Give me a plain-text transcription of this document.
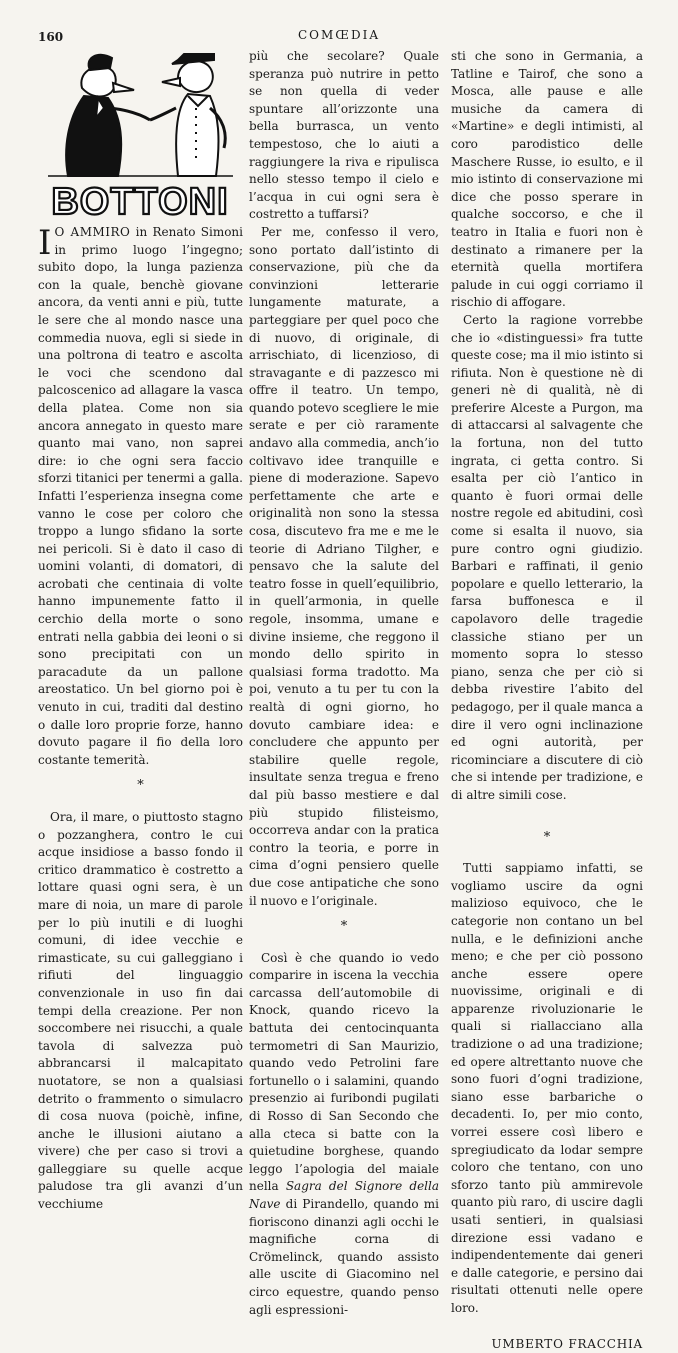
160	COMŒDIA
BOTTONI

I O AMMIRO in Renato Simoni in primo luogo l’ingegno; subito dopo, la lunga pazienza con la quale, benchè giovane ancora, da venti anni e più, tutte le sere che al mondo nasce una commedia nuova, egli si siede in una poltrona di teatro e ascolta le voci che scendono dal palcoscenico ad allagare la vasca della platea. Come non sia ancora annegato in questo mare quanto mai vano, non saprei dire: io che ogni sera faccio sforzi titanici per tenermi a galla. Infatti l’esperienza insegna come vanno le cose per coloro che troppo a lungo sfidano la sorte nei pericoli. Si è dato il caso di uomini volanti, di domatori, di acrobati che centinaia di volte hanno impunemente fatto il cerchio della morte o sono entrati nella gabbia dei leoni o si sono precipitati con un paracadute da un pallone areostatico. Un bel giorno poi è venuto in cui, traditi dal destino o dalle loro proprie forze, hanno dovuto pagare il fio della loro costante temerità.

*

Ora, il mare, o piuttosto stagno o pozzanghera, contro le cui acque insidiose a basso fondo il critico drammatico è costretto a lottare quasi ogni sera, è un mare di noia, un mare di parole per lo più inutili e di luoghi comuni, di idee vecchie e rimasticate, su cui galleggiano i rifiuti del linguaggio convenzionale in uso fin dai tempi della creazione. Per non soccombere nei risucchi, a quale tavola di salvezza può abbrancarsi il malcapitato nuotatore, se non a qualsiasi detrito o frammento o simulacro di cosa nuova (poichè, infine, anche le illusioni aiutano a vivere) che per caso si trovi a galleggiare su quelle acque paludose tra gli avanzi d’un vecchiume

più che secolare? Quale speranza può nutrire in petto se non quella di veder spuntare all’orizzonte una bella burrasca, un vento tempestoso, che lo aiuti a raggiungere la riva e ripulisca nello stesso tempo il cielo e l’acqua in cui ogni sera è costretto a tuffarsi?

Per me, confesso il vero, sono portato dall’istinto di conservazione, più che da convinzioni letterarie lungamente maturate, a parteggiare per quel poco che di nuovo, di originale, di arrischiato, di licenzioso, di stravagante e di pazzesco mi offre il teatro. Un tempo, quando potevo scegliere le mie serate e per ciò raramente andavo alla commedia, anch’io coltivavo idee tranquille e piene di moderazione. Sapevo perfettamente che arte e originalità non sono la stessa cosa, discutevo fra me e me le teorie di Adriano Tilgher, e pensavo che la salute del teatro fosse in quell’equilibrio, in quell’armonia, in quelle regole, insomma, umane e divine insieme, che reggono il mondo dello spirito in qualsiasi forma tradotto. Ma poi, venuto a tu per tu con la realtà di ogni giorno, ho dovuto cambiare idea: e concludere che appunto per stabilire quelle regole, insultate senza tregua e freno dal più basso mestiere e dal più stupido filisteismo, occorreva andar con la pratica contro la teoria, e porre in cima d’ogni pensiero quelle due cose antipatiche che sono il nuovo e l’originale.

*

Così è che quando io vedo comparire in iscena la vecchia carcassa dell’automobile di Knock, quando ricevo la battuta dei centocinquanta termometri di San Maurizio, quando vedo Petrolini fare fortunello o i salamini, quando presenzio ai furibondi pugilati di Rosso di San Secondo che alla cteca si batte con la quietudine borghese, quando leggo l’apologia del maiale nella Sagra del Signore della Nave di Pirandello, quando mi fioriscono dinanzi agli occhi le magnifiche corna di Crömelinck, quando assisto alle uscite di Giacomino nel circo equestre, quando penso agli espressioni-

sti che sono in Germania, a Tatline e Tairof, che sono a Mosca, alle pause e alle musiche da camera di «Martine» e degli intimisti, al coro parodistico delle Maschere Russe, io esulto, e il mio istinto di conservazione mi dice che posso sperare in qualche soccorso, e che il teatro in Italia e fuori non è destinato a rimanere per la eternità quella mortifera palude in cui oggi corriamo il rischio di affogare.

Certo la ragione vorrebbe che io «distinguessi» fra tutte queste cose; ma il mio istinto si rifiuta. Non è questione nè di generi nè di qualità, nè di preferire Alceste a Purgon, ma di attaccarsi al salvagente che la fortuna, non del tutto ingrata, ci getta contro. Si esalta per ciò l’antico in quanto è fuori ormai delle nostre regole ed abitudini, così come si esalta il nuovo, sia pure contro ogni giudizio. Barbari e raffinati, il genio popolare e quello letterario, la farsa buffonesca e il capolavoro delle tragedie classiche stiano per un momento sopra lo stesso piano, senza che per ciò si debba rivestire l’abito del pedagogo, per il quale manca a dire il vero ogni inclinazione ed ogni autorità, per ricominciare a discutere di ciò che si intende per tradizione, e di altre simili cose.

*

Tutti sappiamo infatti, se vogliamo uscire da ogni malizioso equivoco, che le categorie non contano un bel nulla, e le definizioni anche meno; e che per ciò possono anche essere opere nuovissime, originali e di apparenze rivoluzionarie le quali si riallacciano alla tradizione o ad una tradizione; ed opere altrettanto nuove che sono fuori d’ogni tradizione, siano esse barbariche o decadenti. Io, per mio conto, vorrei essere così libero e spregiudicato da lodar sempre coloro che tentano, con uno sforzo tanto più ammirevole quanto più raro, di uscire dagli usati sentieri, in qualsiasi direzione essi vadano e indipendentemente dai generi e dalle categorie, e persino dai risultati ottenuti nelle opere loro.

UMBERTO FRACCHIA
